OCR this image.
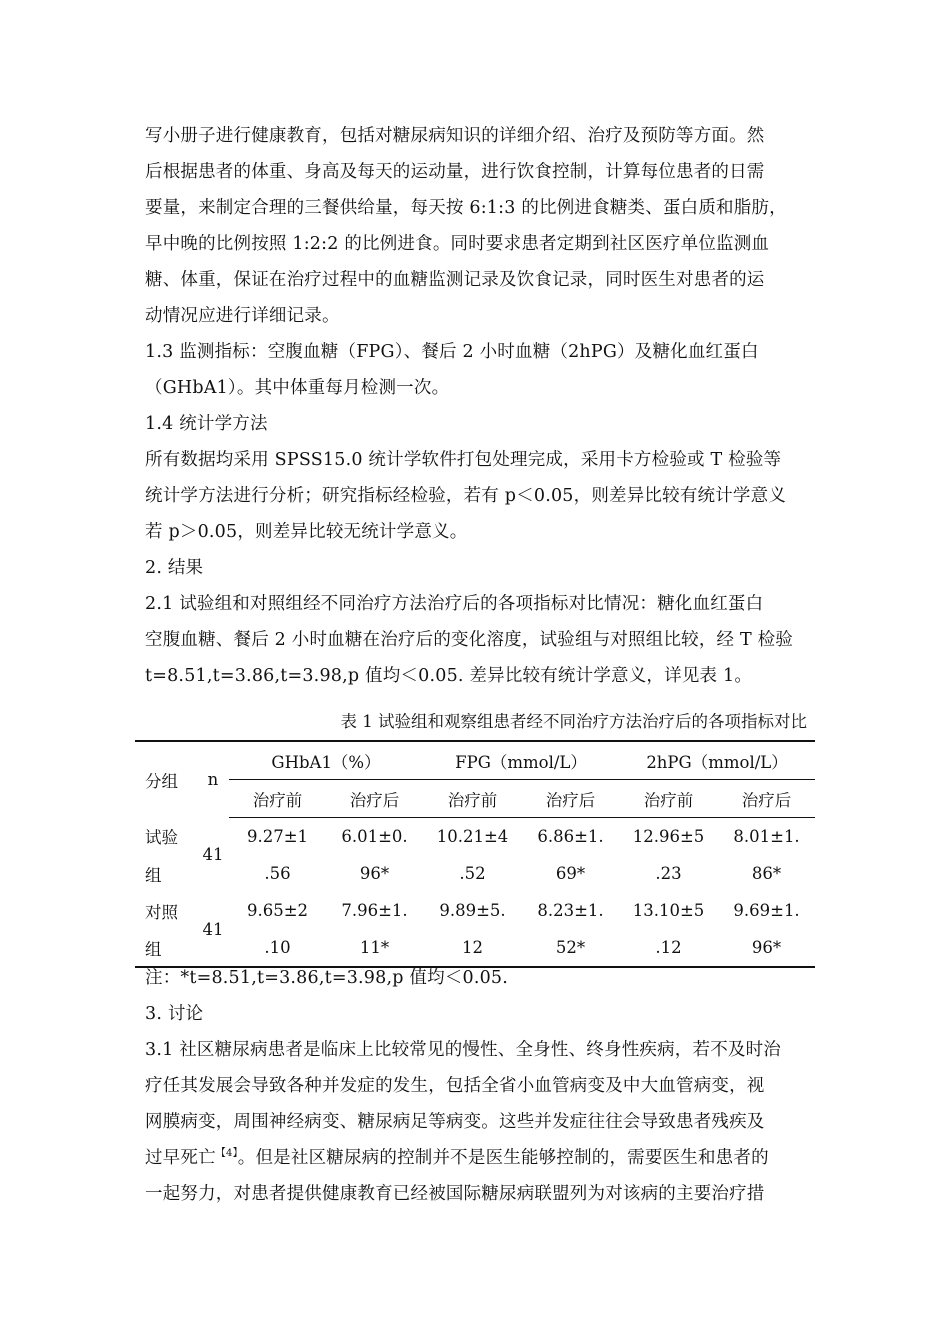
写小册子进行健康教育，包括对糖尿病知识的详细介绍、治疗及预防等方面。然
后根据患者的体重、身高及每天的运动量，进行饮食控制，计算每位患者的日需
要量，来制定合理的三餐供给量，每天按 6:1:3 的比例进食糖类、蛋白质和脂肪，
早中晚的比例按照 1:2:2 的比例进食。同时要求患者定期到社区医疗单位监测血
糖、体重，保证在治疗过程中的血糖监测记录及饮食记录，同时医生对患者的运
动情况应进行详细记录。
1.3 监测指标：空腹血糖（FPG）、餐后 2 小时血糖（2hPG）及糖化血红蛋白
（GHbA1）。其中体重每月检测一次。
1.4 统计学方法
所有数据均采用 SPSS15.0 统计学软件打包处理完成，采用卡方检验或 T 检验等
统计学方法进行分析；研究指标经检验，若有 p＜0.05，则差异比较有统计学意义
若 p＞0.05，则差异比较无统计学意义。
2. 结果
2.1 试验组和对照组经不同治疗方法治疗后的各项指标对比情况：糖化血红蛋白
空腹血糖、餐后 2 小时血糖在治疗后的变化溶度，试验组与对照组比较，经 T 检验
t=8.51,t=3.86,t=3.98,p 值均＜0.05. 差异比较有统计学意义，详见表 1。
表 1 试验组和观察组患者经不同治疗方法治疗后的各项指标对比
分组	n	GHbA1（%）		FPG（mmol/L）		2hPG（mmol/L）	
		治疗前	治疗后	治疗前	治疗后	治疗前	治疗后
试验	41	9.27±1	6.01±0.	10.21±4	6.86±1.	12.96±5	8.01±1.
组		.56	96*	.52	69*	.23	86*
对照	41	9.65±2	7.96±1.	9.89±5.	8.23±1.	13.10±5	9.69±1.
组		.10	11*	12	52*	.12	96*
注：*t=8.51,t=3.86,t=3.98,p 值均＜0.05.
3. 讨论
3.1 社区糖尿病患者是临床上比较常见的慢性、全身性、终身性疾病，若不及时治
疗任其发展会导致各种并发症的发生，包括全省小血管病变及中大血管病变，视
网膜病变，周围神经病变、糖尿病足等病变。这些并发症往往会导致患者残疾及
过早死亡$^{【4】}$。但是社区糖尿病的控制并不是医生能够控制的，需要医生和患者的
一起努力，对患者提供健康教育已经被国际糖尿病联盟列为对该病的主要治疗措
